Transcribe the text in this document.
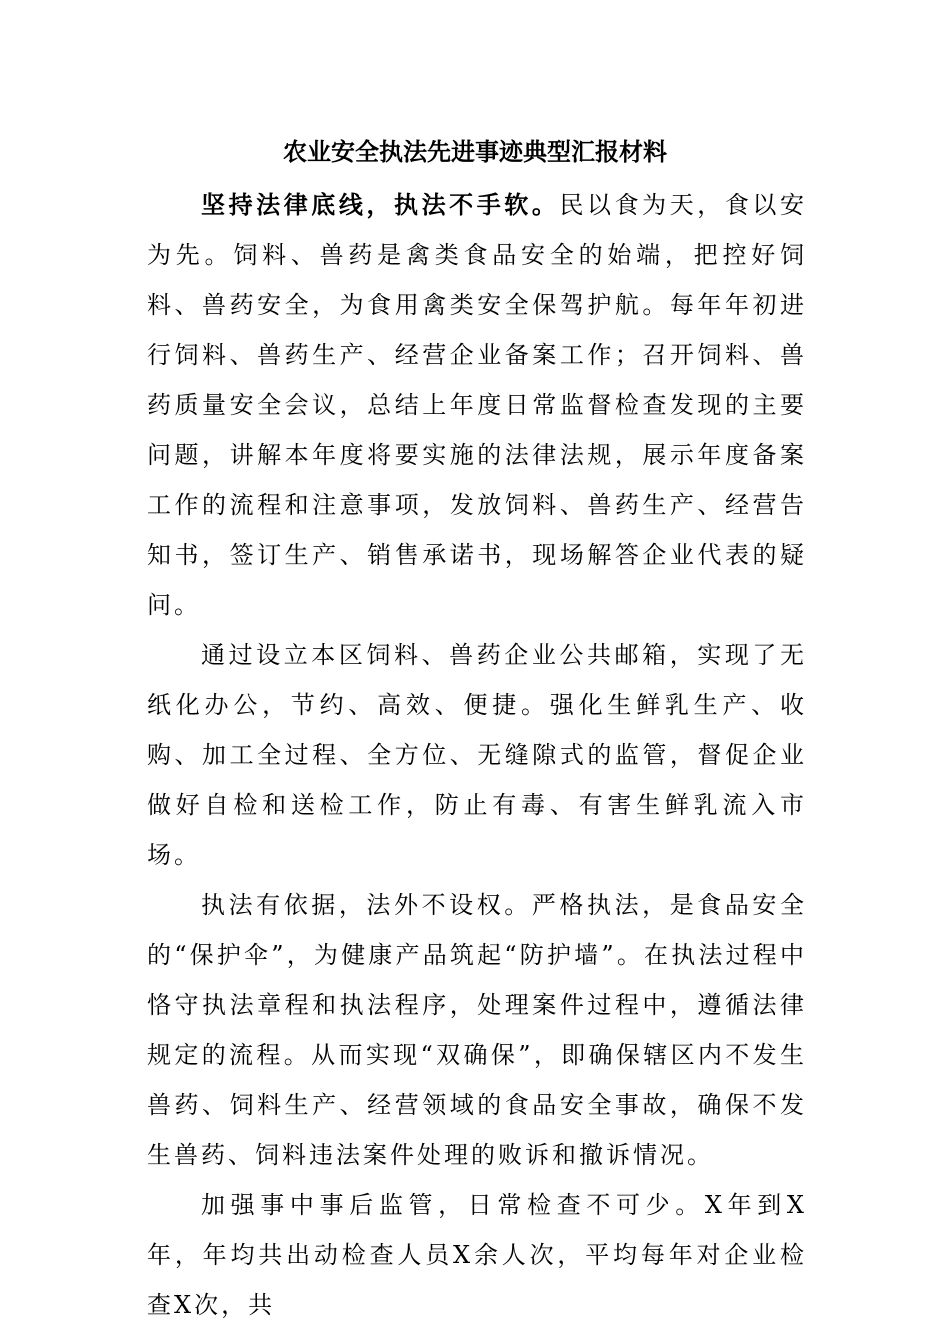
农业安全执法先进事迹典型汇报材料

坚持法律底线，执法不手软。民以食为天，食以安为先。饲料、兽药是禽类食品安全的始端，把控好饲料、兽药安全，为食用禽类安全保驾护航。每年年初进行饲料、兽药生产、经营企业备案工作；召开饲料、兽药质量安全会议，总结上年度日常监督检查发现的主要问题，讲解本年度将要实施的法律法规，展示年度备案工作的流程和注意事项，发放饲料、兽药生产、经营告知书，签订生产、销售承诺书，现场解答企业代表的疑问。

通过设立本区饲料、兽药企业公共邮箱，实现了无纸化办公，节约、高效、便捷。强化生鲜乳生产、收购、加工全过程、全方位、无缝隙式的监管，督促企业做好自检和送检工作，防止有毒、有害生鲜乳流入市场。

执法有依据，法外不设权。严格执法，是食品安全的“保护伞”，为健康产品筑起“防护墙”。在执法过程中恪守执法章程和执法程序，处理案件过程中，遵循法律规定的流程。从而实现“双确保”，即确保辖区内不发生兽药、饲料生产、经营领域的食品安全事故，确保不发生兽药、饲料违法案件处理的败诉和撤诉情况。

加强事中事后监管，日常检查不可少。X年到X年，年均共出动检查人员X余人次，平均每年对企业检查X次，共
